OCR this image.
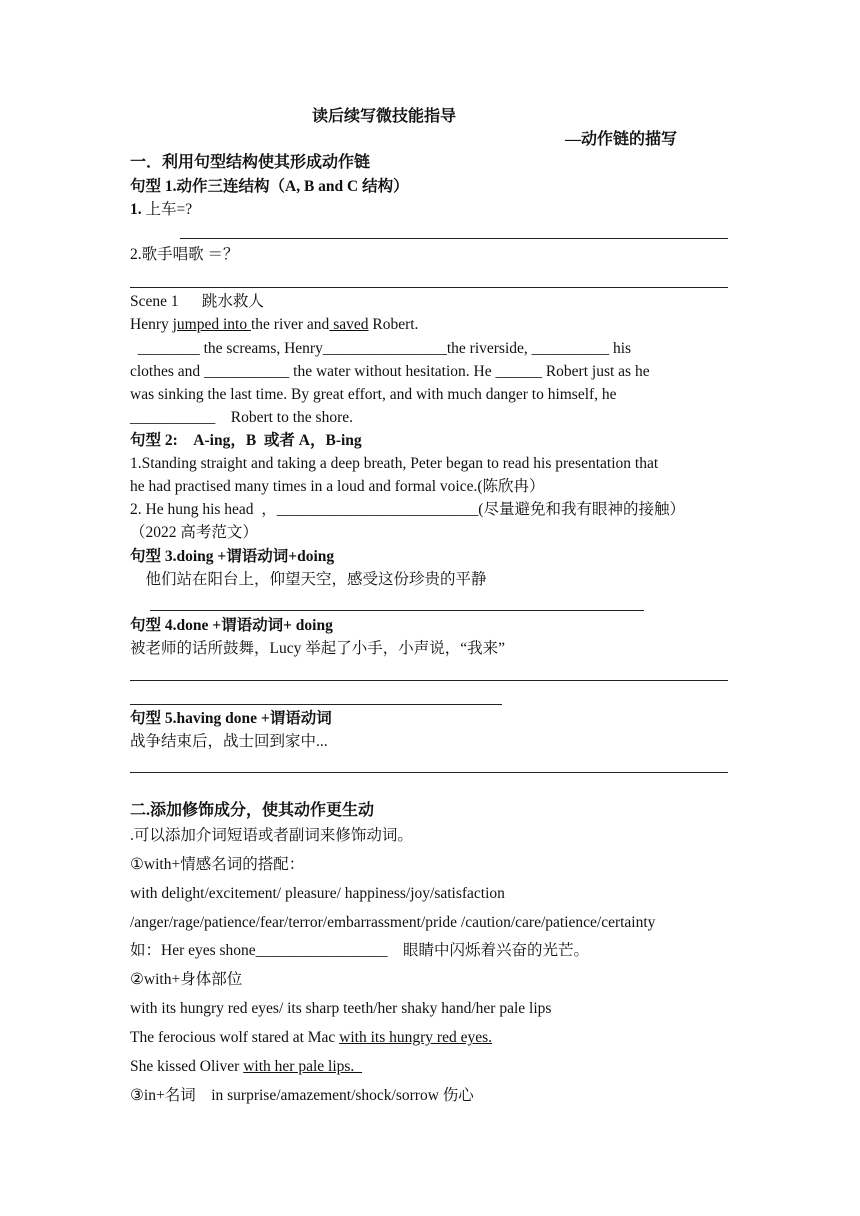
读后续写微技能指导
—动作链的描写
一．利用句型结构使其形成动作链
句型 1.动作三连结构（A, B and C 结构）
1. 上车=?
2.歌手唱歌 ＝？
Scene 1      跳水救人
Henry jumped into the river and saved Robert.
________ the screams, Henry________________the riverside, __________ his
clothes and ___________ the water without hesitation. He ______ Robert just as he
was sinking the last time. By great effort, and with much danger to himself, he
___________    Robert to the shore.
句型 2:    A-ing，B  或者 A，B-ing
1.Standing straight and taking a deep breath, Peter began to read his presentation that
he had practised many times in a loud and formal voice.(陈欣冉）
2. He hung his head  ，__________________________(尽量避免和我有眼神的接触）
（2022 高考范文）
句型 3.doing +谓语动词+doing
他们站在阳台上，仰望天空，感受这份珍贵的平静
句型 4.done +谓语动词+ doing
被老师的话所鼓舞，Lucy 举起了小手，小声说，“我来”
句型 5.having done +谓语动词
战争结束后，战士回到家中...
二.添加修饰成分，使其动作更生动
.可以添加介词短语或者副词来修饰动词。
①with+情感名词的搭配：
with delight/excitement/ pleasure/ happiness/joy/satisfaction
/anger/rage/patience/fear/terror/embarrassment/pride /caution/care/patience/certainty
如：Her eyes shone_________________    眼睛中闪烁着兴奋的光芒。
②with+身体部位
with its hungry red eyes/ its sharp teeth/her shaky hand/her pale lips
The ferocious wolf stared at Mac with its hungry red eyes.
She kissed Oliver with her pale lips.
③in+名词    in surprise/amazement/shock/sorrow 伤心
